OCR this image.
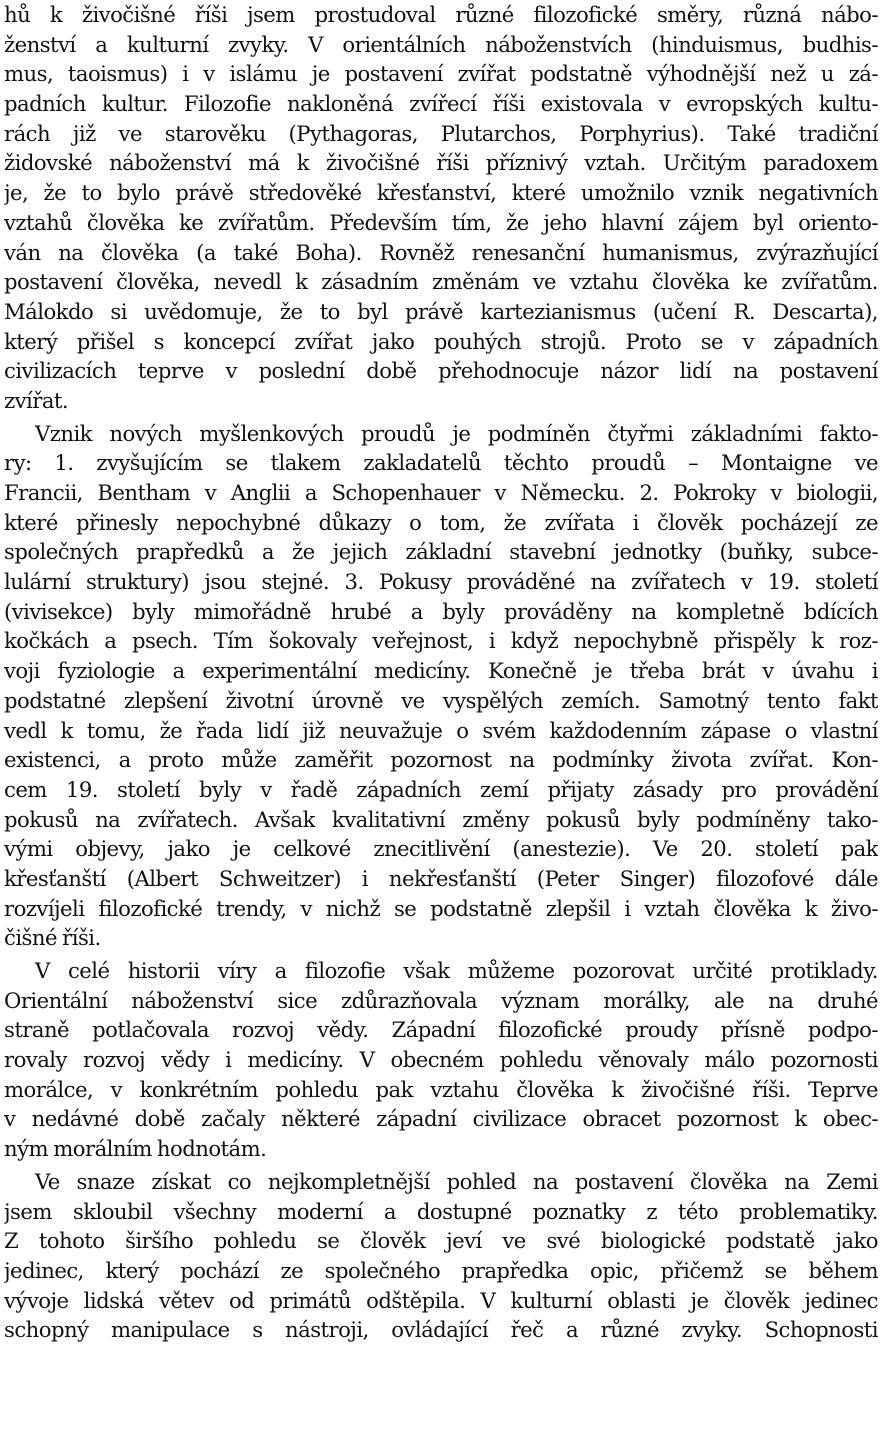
hů k živočišné říši jsem prostudoval různé filozofické směry, různá nábo-
ženství a kulturní zvyky. V orientálních náboženstvích (hinduismus, budhis-
mus, taoismus) i v islámu je postavení zvířat podstatně výhodnější než u zá-
padních kultur. Filozofie nakloněná zvířecí říši existovala v evropských kultu-
rách již ve starověku (Pythagoras, Plutarchos, Porphyrius). Také tradiční
židovské náboženství má k živočišné říši příznivý vztah. Určitým paradoxem
je, že to bylo právě středověké křesťanství, které umožnilo vznik negativních
vztahů člověka ke zvířatům. Především tím, že jeho hlavní zájem byl oriento-
ván na člověka (a také Boha). Rovněž renesanční humanismus, zvýrazňující
postavení člověka, nevedl k zásadním změnám ve vztahu člověka ke zvířatům.
Málokdo si uvědomuje, že to byl právě kartezianismus (učení R. Descarta),
který přišel s koncepcí zvířat jako pouhých strojů. Proto se v západních
civilizacích teprve v poslední době přehodnocuje názor lidí na postavení
zvířat.
Vznik nových myšlenkových proudů je podmíněn čtyřmi základními fakto-
ry: 1. zvyšujícím se tlakem zakladatelů těchto proudů – Montaigne ve
Francii, Bentham v Anglii a Schopenhauer v Německu. 2. Pokroky v biologii,
které přinesly nepochybné důkazy o tom, že zvířata i člověk pocházejí ze
společných prapředků a že jejich základní stavební jednotky (buňky, subce-
lulární struktury) jsou stejné. 3. Pokusy prováděné na zvířatech v 19. století
(vivisekce) byly mimořádně hrubé a byly prováděny na kompletně bdících
kočkách a psech. Tím šokovaly veřejnost, i když nepochybně přispěly k roz-
voji fyziologie a experimentální medicíny. Konečně je třeba brát v úvahu i
podstatné zlepšení životní úrovně ve vyspělých zemích. Samotný tento fakt
vedl k tomu, že řada lidí již neuvažuje o svém každodenním zápase o vlastní
existenci, a proto může zaměřit pozornost na podmínky života zvířat. Kon-
cem 19. století byly v řadě západních zemí přijaty zásady pro provádění
pokusů na zvířatech. Avšak kvalitativní změny pokusů byly podmíněny tako-
vými objevy, jako je celkové znecitlivění (anestezie). Ve 20. století pak
křesťanští (Albert Schweitzer) i nekřesťanští (Peter Singer) filozofové dále
rozvíjeli filozofické trendy, v nichž se podstatně zlepšil i vztah člověka k živo-
čišné říši.
V celé historii víry a filozofie však můžeme pozorovat určité protiklady.
Orientální náboženství sice zdůrazňovala význam morálky, ale na druhé
straně potlačovala rozvoj vědy. Západní filozofické proudy přísně podpo-
rovaly rozvoj vědy i medicíny. V obecném pohledu věnovaly málo pozornosti
morálce, v konkrétním pohledu pak vztahu člověka k živočišné říši. Teprve
v nedávné době začaly některé západní civilizace obracet pozornost k obec-
ným morálním hodnotám.
Ve snaze získat co nejkompletnější pohled na postavení člověka na Zemi
jsem skloubil všechny moderní a dostupné poznatky z této problematiky.
Z tohoto širšího pohledu se člověk jeví ve své biologické podstatě jako
jedinec, který pochází ze společného prapředka opic, přičemž se během
vývoje lidská větev od primátů odštěpila. V kulturní oblasti je člověk jedinec
schopný manipulace s nástroji, ovládající řeč a různé zvyky. Schopnosti
